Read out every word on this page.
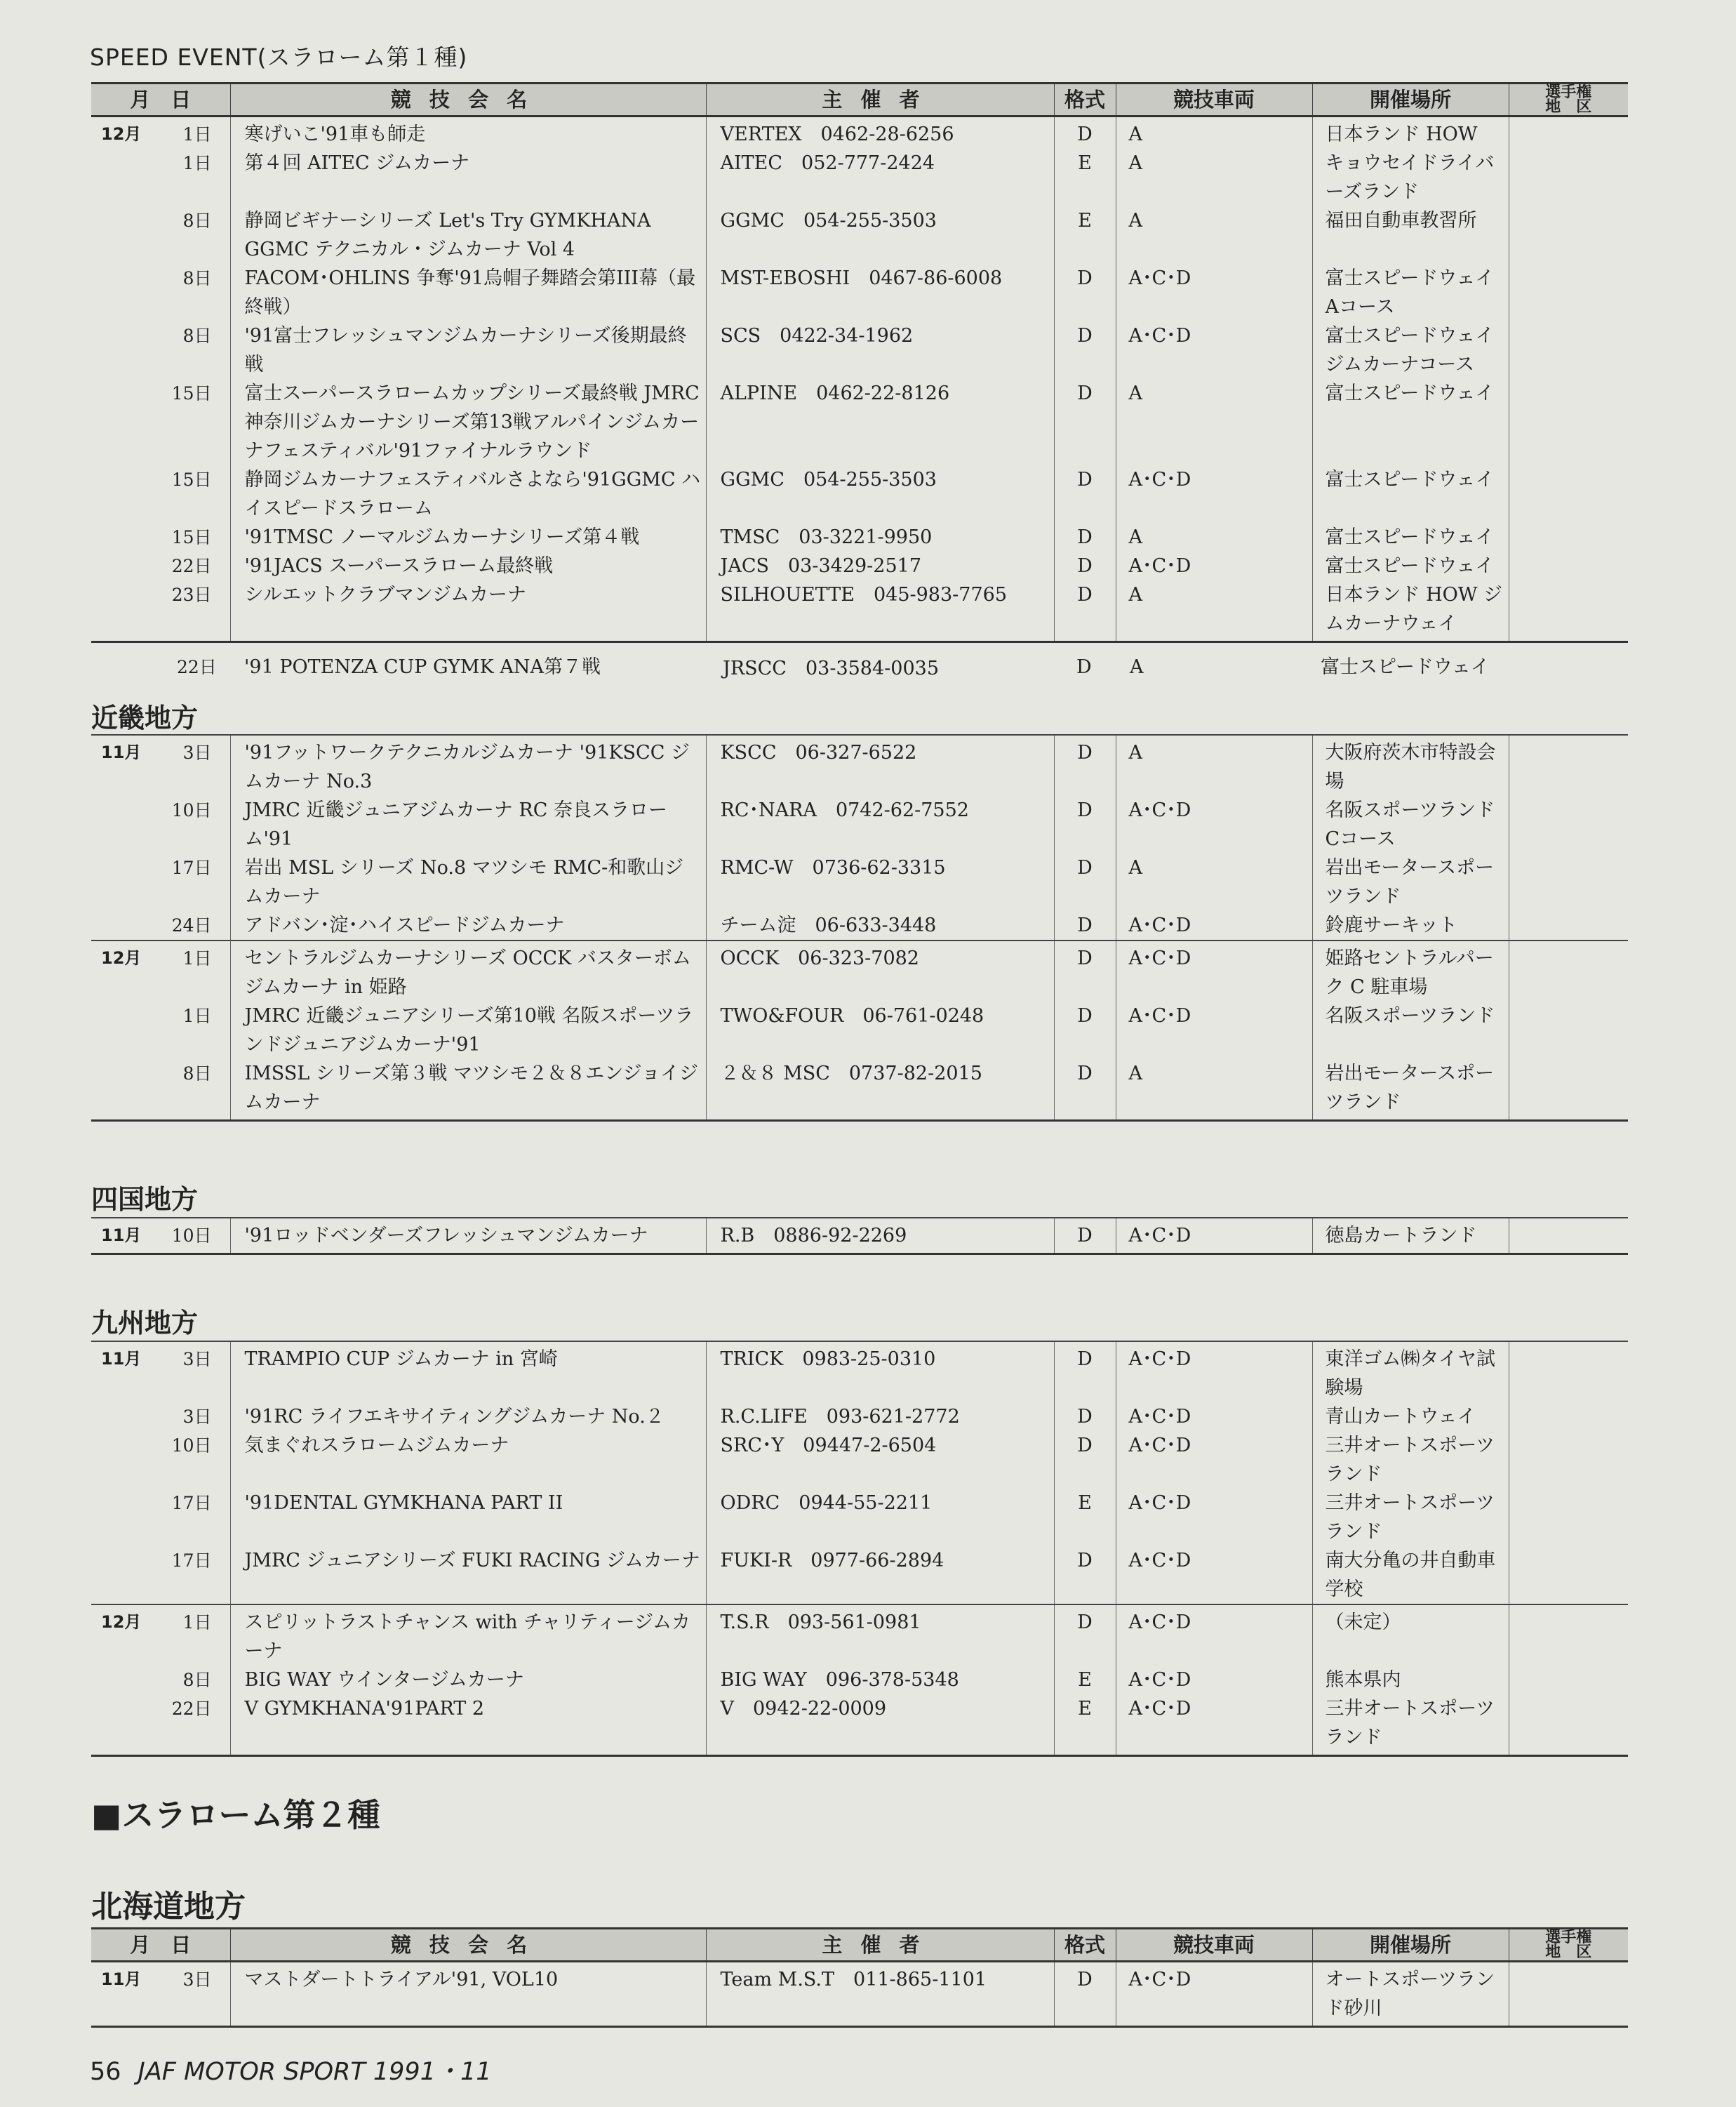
SPEED EVENT(スラローム第１種)
月　日	競技会名	主催者	格式	競技車両	開催場所	選手権
地　区

12月 1日	寒げいこ'91車も師走	VERTEX　0462-28-6256	D	A	日本ランド HOW	

1日	第４回 AITEC ジムカーナ	AITEC　052-777-2424	E	A	キョウセイドライバーズランド	

8日	静岡ビギナーシリーズ Let's Try GYMKHANA GGMC テクニカル・ジムカーナ Vol 4	GGMC　054-255-3503	E	A	福田自動車教習所	

8日	FACOM･OHLINS 争奪'91烏帽子舞踏会第III幕（最終戦）	MST-EBOSHI　0467-86-6008	D	A･C･D	富士スピードウェイ Aコース	

8日	'91富士フレッシュマンジムカーナシリーズ後期最終戦	SCS　0422-34-1962	D	A･C･D	富士スピードウェイ ジムカーナコース	

15日	富士スーパースラロームカップシリーズ最終戦 JMRC 神奈川ジムカーナシリーズ第13戦アルパインジムカーナフェスティバル'91ファイナルラウンド	ALPINE　0462-22-8126	D	A	富士スピードウェイ	

15日	静岡ジムカーナフェスティバルさよなら'91GGMC ハイスピードスラローム	GGMC　054-255-3503	D	A･C･D	富士スピードウェイ	

15日	'91TMSC ノーマルジムカーナシリーズ第４戦	TMSC　03-3221-9950	D	A	富士スピードウェイ	

22日	'91JACS スーパースラローム最終戦	JACS　03-3429-2517	D	A･C･D	富士スピードウェイ	

23日	シルエットクラブマンジムカーナ	SILHOUETTE　045-983-7765	D	A	日本ランド HOW ジムカーナウェイ	
22日 '91 POTENZA CUP GYMK ANA第７戦	JRSCC　03-3584-0035	D A	富士スピードウェイ
近畿地方
11月 3日	'91フットワークテクニカルジムカーナ '91KSCC ジムカーナ No.3	KSCC　06-327-6522	D	A	大阪府茨木市特設会場	

10日	JMRC 近畿ジュニアジムカーナ RC 奈良スラローム'91	RC･NARA　0742-62-7552	D	A･C･D	名阪スポーツランド Cコース	

17日	岩出 MSL シリーズ No.8 マツシモ RMC-和歌山ジムカーナ	RMC-W　0736-62-3315	D	A	岩出モータースポーツランド	

24日	アドバン･淀･ハイスピードジムカーナ	チーム淀　06-633-3448	D	A･C･D	鈴鹿サーキット	

12月 1日	セントラルジムカーナシリーズ OCCK バスターボムジムカーナ in 姫路	OCCK　06-323-7082	D	A･C･D	姫路セントラルパーク C 駐車場	

1日	JMRC 近畿ジュニアシリーズ第10戦 名阪スポーツランドジュニアジムカーナ'91	TWO&FOUR　06-761-0248	D	A･C･D	名阪スポーツランド	

8日	IMSSL シリーズ第３戦 マツシモ２＆８エンジョイジムカーナ	２＆８ MSC　0737-82-2015	D	A	岩出モータースポーツランド	
四国地方
11月	10日	'91ロッドベンダーズフレッシュマンジムカーナ	R.B　0886-92-2269	D	A･C･D	徳島カートランド	
九州地方
11月 3日	TRAMPIO CUP ジムカーナ in 宮崎	TRICK　0983-25-0310	D	A･C･D	東洋ゴム㈱タイヤ試験場	

3日	'91RC ライフエキサイティングジムカーナ No.２	R.C.LIFE　093-621-2772	D	A･C･D	青山カートウェイ	

10日	気まぐれスラロームジムカーナ	SRC･Y　09447-2-6504	D	A･C･D	三井オートスポーツランド	

17日	'91DENTAL GYMKHANA PART II	ODRC　0944-55-2211	E	A･C･D	三井オートスポーツランド	

17日	JMRC ジュニアシリーズ FUKI RACING ジムカーナ	FUKI-R　0977-66-2894	D	A･C･D	南大分亀の井自動車学校	

12月 1日	スピリットラストチャンス with チャリティージムカーナ	T.S.R　093-561-0981	D	A･C･D	（未定）	

8日	BIG WAY ウインタージムカーナ	BIG WAY　096-378-5348	E	A･C･D	熊本県内	

22日	V GYMKHANA'91PART 2	V　0942-22-0009	E	A･C･D	三井オートスポーツランド	
■スラローム第２種
北海道地方
月　日	競技会名	主催者	格式	競技車両	開催場所	選手権
地　区

11月 3日	マストダートトライアル'91, VOL10	Team M.S.T　011-865-1101	D	A･C･D	オートスポーツランド砂川	
56 JAF MOTOR SPORT 1991・11
